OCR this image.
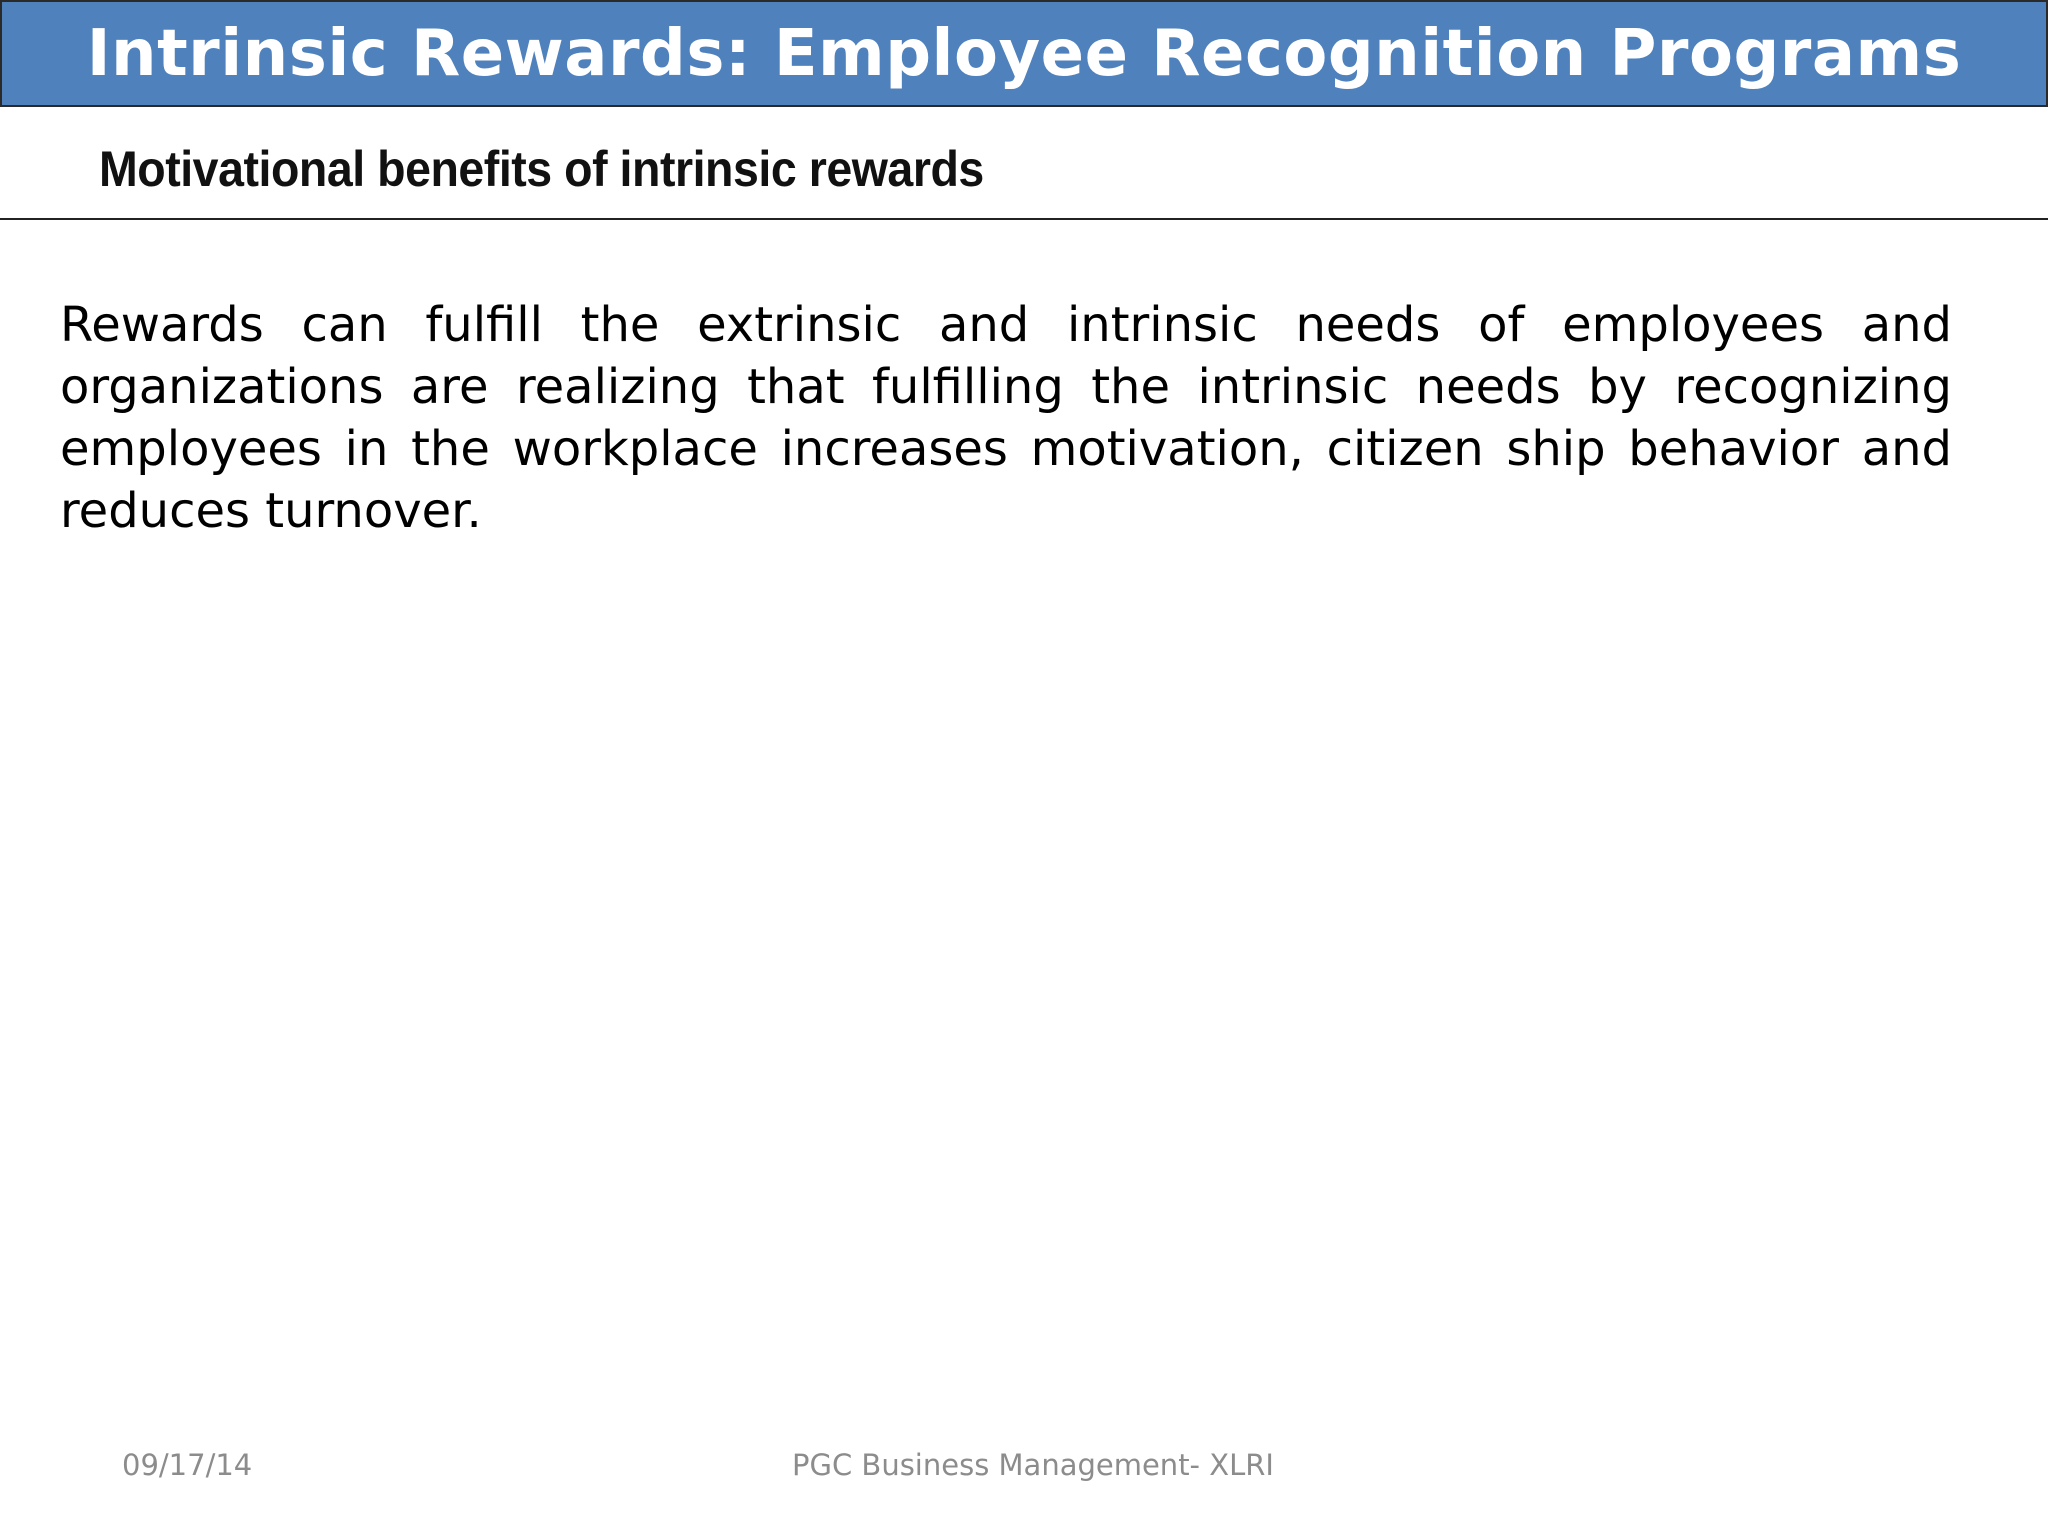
Intrinsic Rewards: Employee Recognition Programs
Motivational benefits of intrinsic rewards

Rewards can fulfill the extrinsic and intrinsic needs of employees and organizations are realizing that fulfilling the intrinsic needs by recognizing employees in the workplace increases motivation, citizen ship behavior and reduces turnover.

09/17/14	PGC Business Management- XLRI
